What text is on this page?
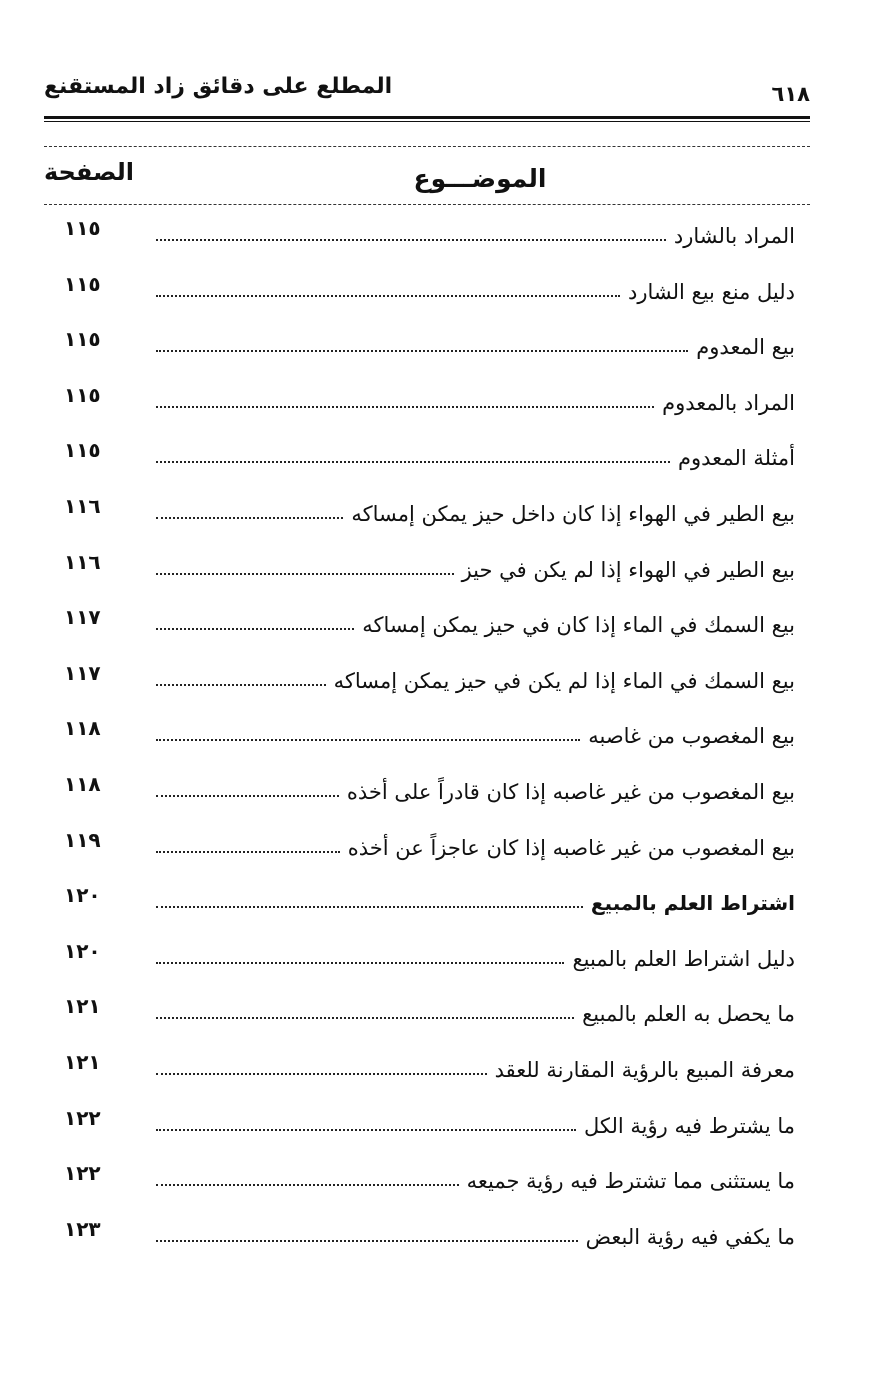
المطلع على دقائق زاد المستقنع	٦١٨
الصفحة	الموضـــوع
١١٥	المراد بالشارد
١١٥	دليل منع بيع الشارد
١١٥	بيع المعدوم
١١٥	المراد بالمعدوم
١١٥	أمثلة المعدوم
١١٦	بيع الطير في الهواء إذا كان داخل حيز يمكن إمساكه
١١٦	بيع الطير في الهواء إذا لم يكن في حيز
١١٧	بيع السمك في الماء إذا كان في حيز يمكن إمساكه
١١٧	بيع السمك في الماء إذا لم يكن في حيز يمكن إمساكه
١١٨	بيع المغصوب من غاصبه
١١٨	بيع المغصوب من غير غاصبه إذا كان قادراً على أخذه
١١٩	بيع المغصوب من غير غاصبه إذا كان عاجزاً عن أخذه
١٢٠	اشتراط العلم بالمبيع
١٢٠	دليل اشتراط العلم بالمبيع
١٢١	ما يحصل به العلم بالمبيع
١٢١	معرفة المبيع بالرؤية المقارنة للعقد
١٢٢	ما يشترط فيه رؤية الكل
١٢٢	ما يستثنى مما تشترط فيه رؤية جميعه
١٢٣	ما يكفي فيه رؤية البعض
